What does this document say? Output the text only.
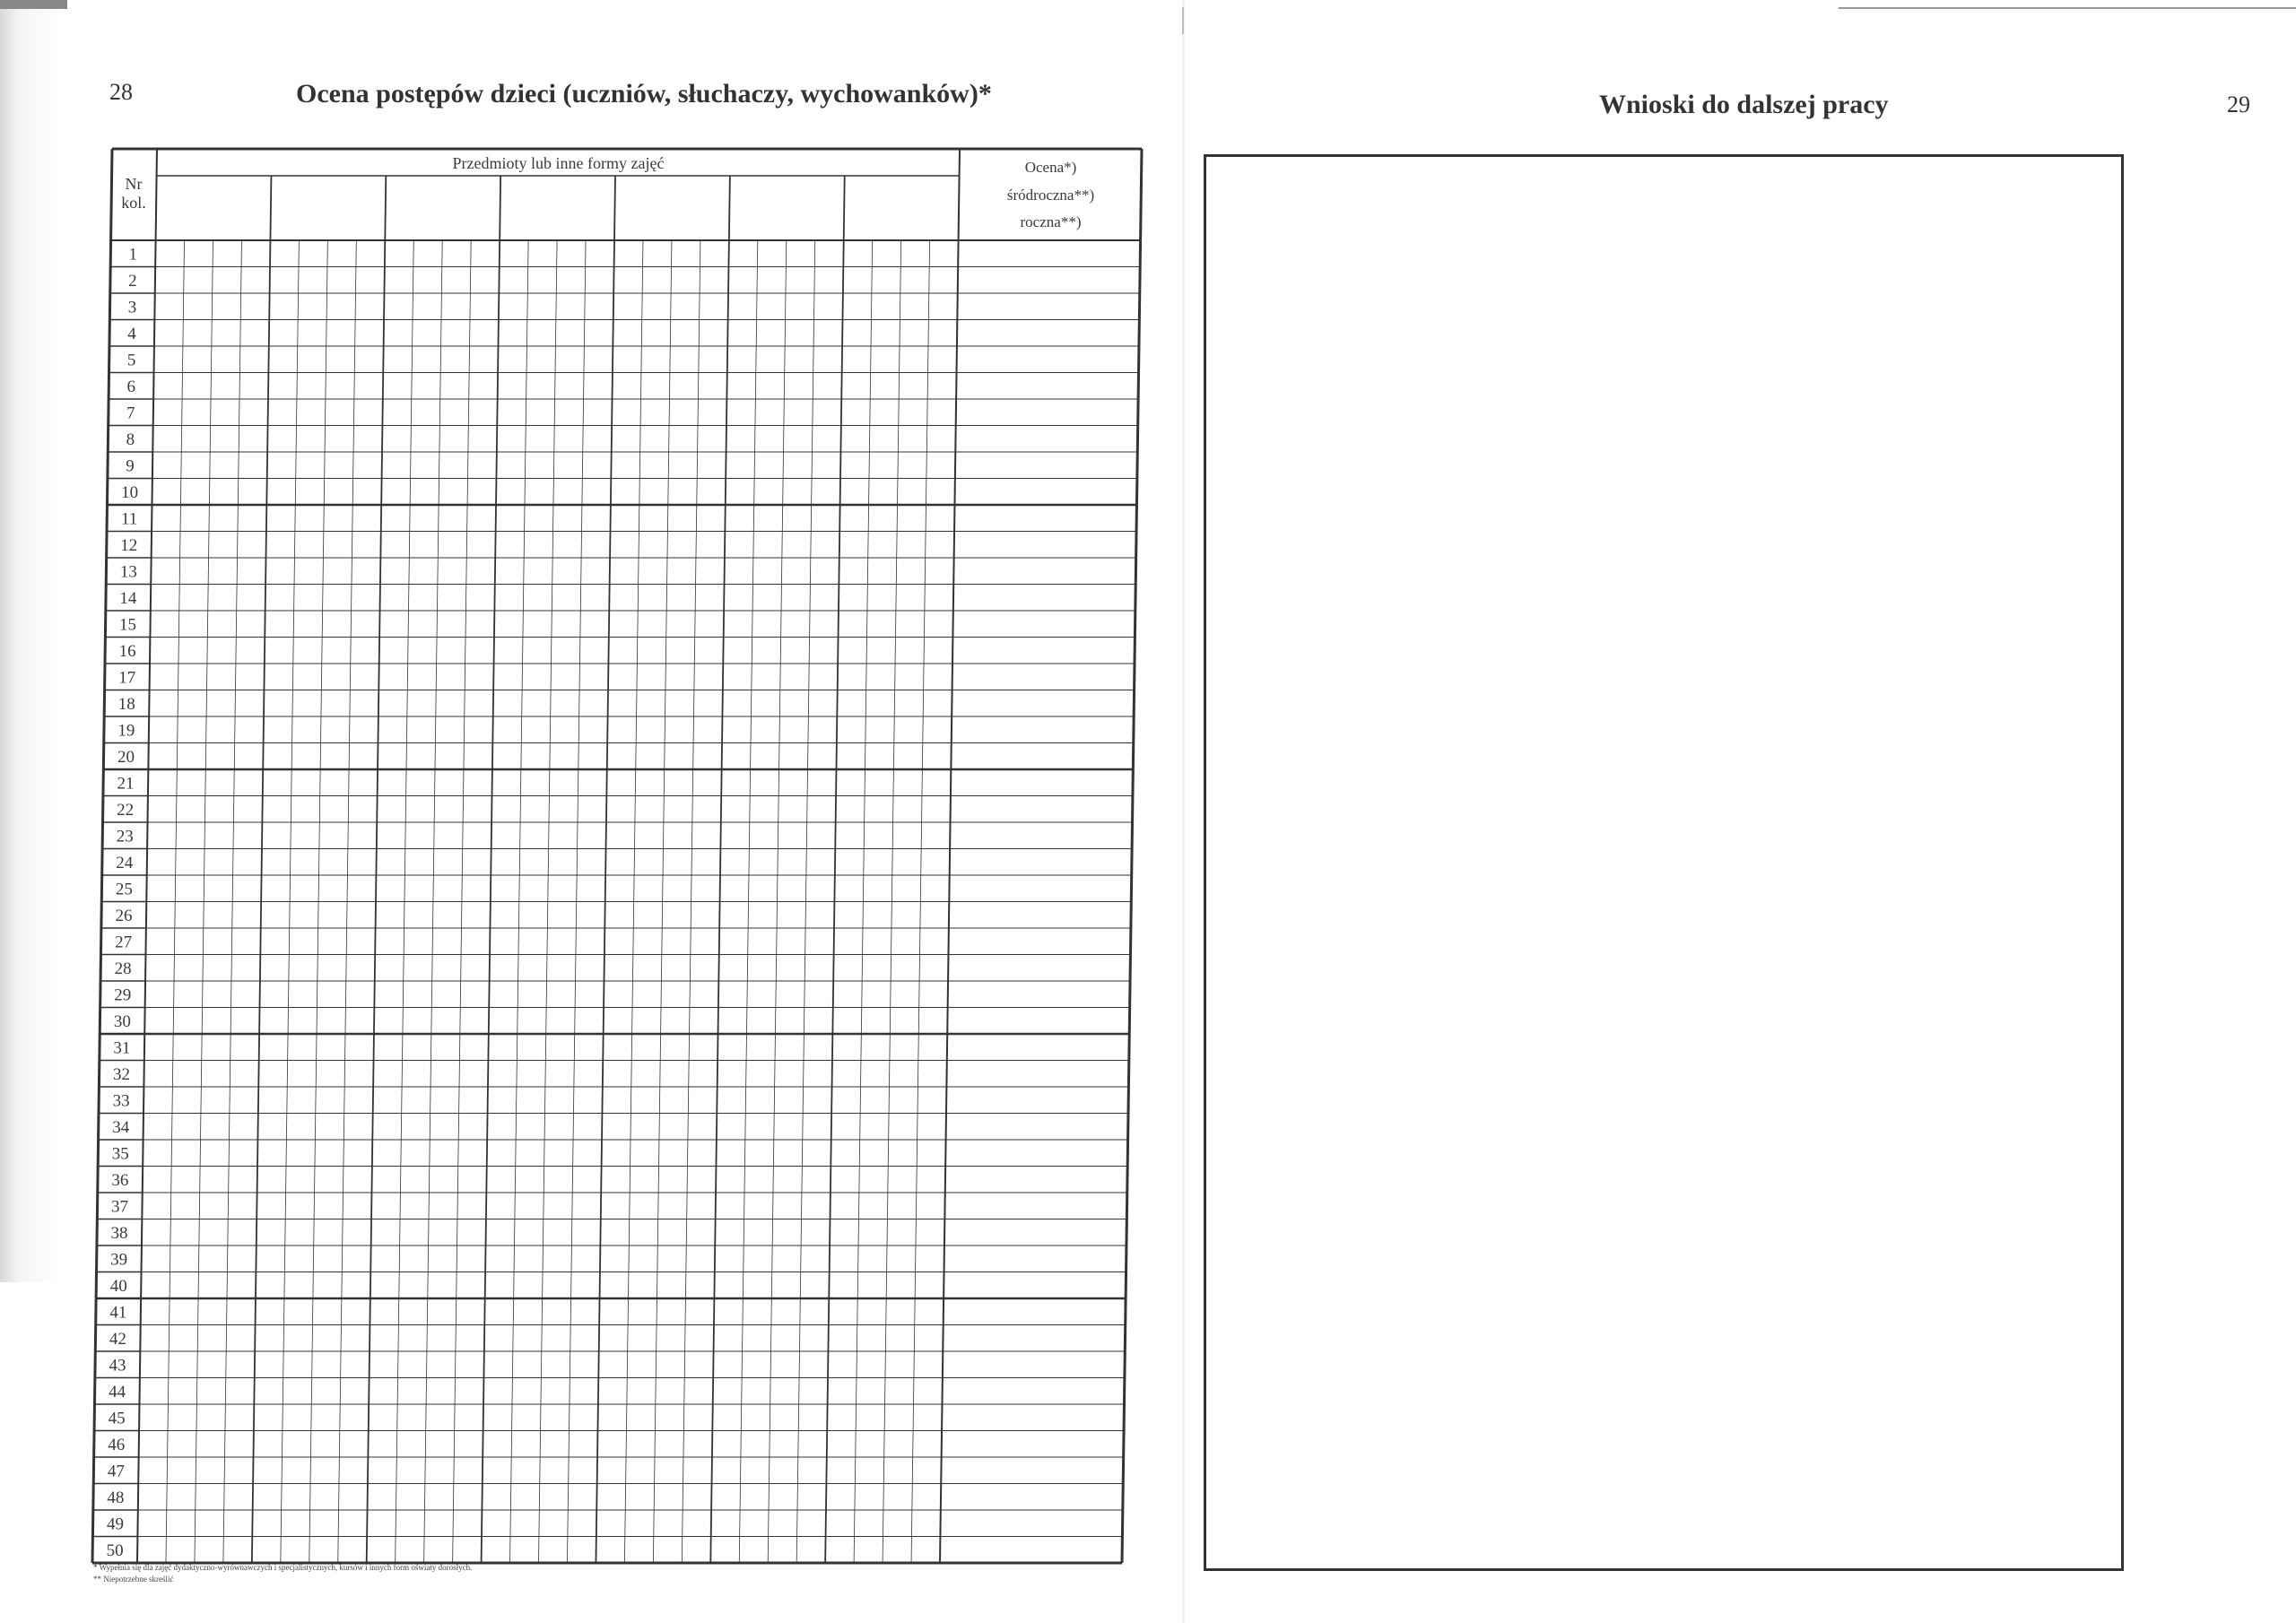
28	Ocena postępów dzieci (uczniów, słuchaczy, wychowanków)*
Nr
kol.
Przedmioty lub inne formy zajęć	Ocena*)
śródroczna**)
roczna**)
1
2
3
4
5
6
7
8
9
10
11
12
13
14
15
16
17
18
19
20
21
22
23
24
25
26
27
28
29
30
31
32
33
34
35
36
37
38
39
40
41
42
43
44
45
46
47
48
49
50
* Wypełnia się dla zajęć dydaktyczno-wyrównawczych i specjalistycznych, kursów i innych form oświaty dorosłych.
** Niepotrzebne skreślić
Wnioski do dalszej pracy	29
